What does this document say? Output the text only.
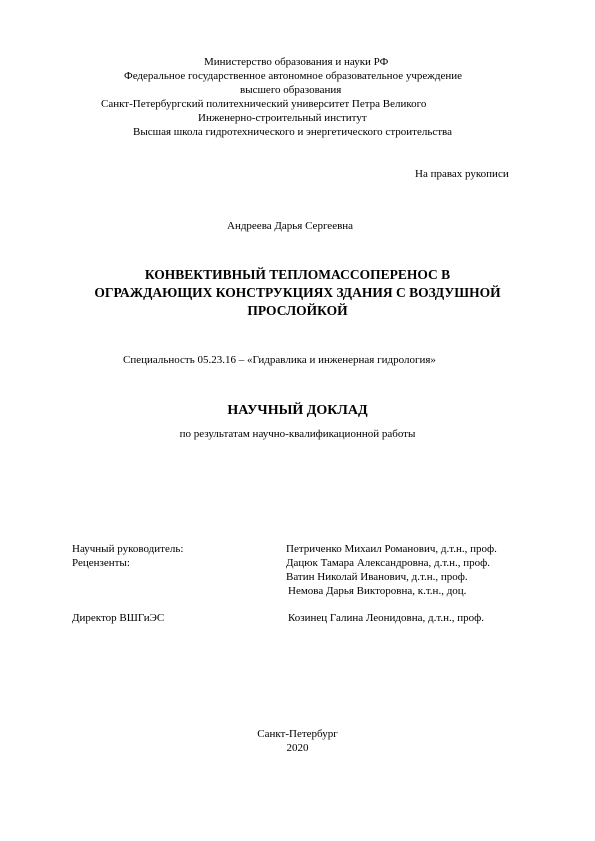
Министерство образования и науки РФ
Федеральное государственное автономное образовательное учреждение
высшего образования
Санкт-Петербургский политехнический университет Петра Великого
Инженерно-строительный институт
Высшая школа гидротехнического и энергетического строительства
На правах рукописи
Андреева Дарья Сергеевна
КОНВЕКТИВНЫЙ ТЕПЛОМАССОПЕРЕНОС В
ОГРАЖДАЮЩИХ КОНСТРУКЦИЯХ ЗДАНИЯ С ВОЗДУШНОЙ
ПРОСЛОЙКОЙ
Специальность 05.23.16 – «Гидравлика и инженерная гидрология»
НАУЧНЫЙ ДОКЛАД
по результатам научно-квалификационной работы
Научный руководитель:	Петриченко Михаил Романович, д.т.н., проф.
Рецензенты:	Дацюк Тамара Александровна, д.т.н., проф.
Ватин Николай Иванович, д.т.н., проф.
Немова Дарья Викторовна, к.т.н., доц.
Директор ВШГиЭС	Козинец Галина Леонидовна, д.т.н., проф.
Санкт-Петербург
2020
